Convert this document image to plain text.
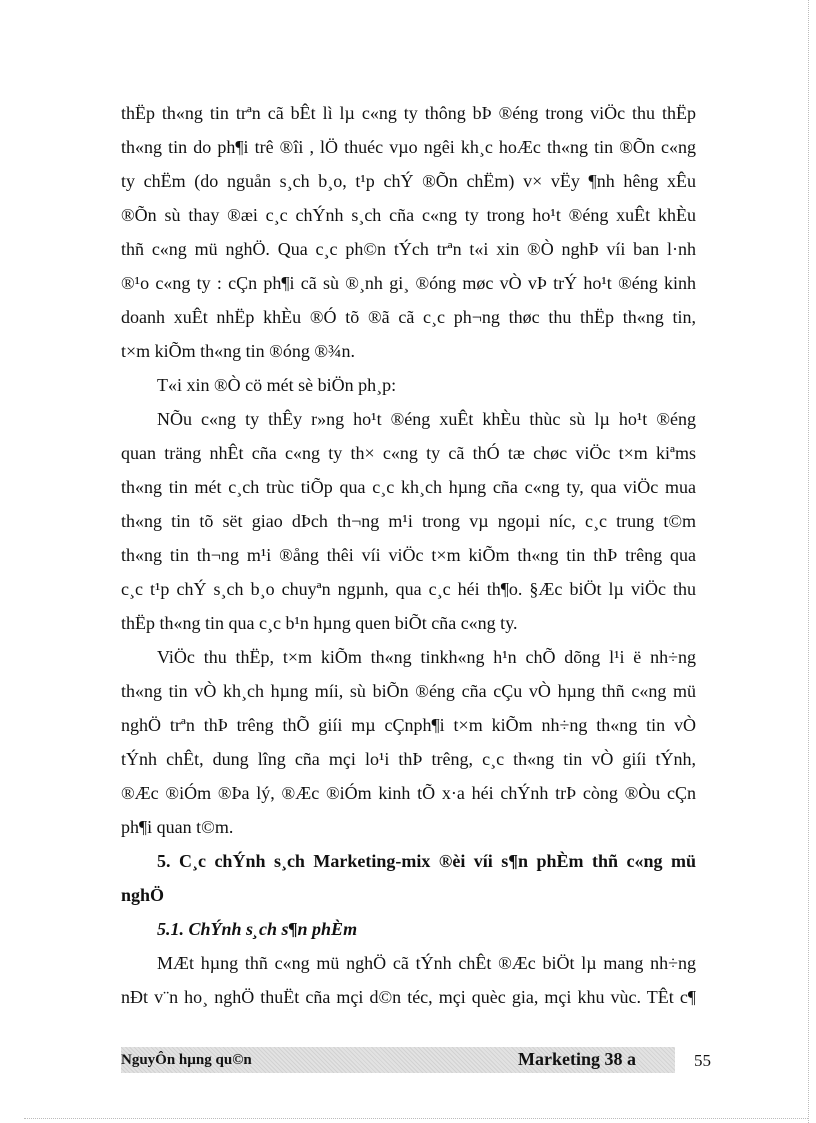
thËp th«ng tin trªn cã bÊt lì lµ c«ng ty thông bÞ ®éng trong viÖc thu thËp
th«ng tin do ph¶i trê ®îi , lÖ thuéc vµo ngêi kh¸c hoÆc th«ng tin ®Õn c«ng
ty chËm (do nguån s¸ch b¸o, t¹p chÝ ®Õn chËm) v× vËy ¶nh hêng xÊu
®Õn sù thay ®æi c¸c chÝnh s¸ch cña c«ng ty trong ho¹t ®éng xuÊt khÈu
thñ c«ng mü nghÖ. Qua c¸c ph©n tÝch trªn t«i xin ®Ò nghÞ víi ban l·nh
®¹o c«ng ty : cÇn ph¶i cã sù ®¸nh gi¸ ®óng møc vÒ vÞ trÝ ho¹t ®éng kinh
doanh xuÊt nhËp khÈu ®Ó tõ ®ã cã c¸c ph¬ng thøc thu thËp th«ng tin,
t×m kiÕm th«ng tin ®óng ®¾n.
T«i xin ®Ò cö mét sè biÖn ph¸p:
NÕu c«ng ty thÊy r»ng ho¹t ®éng xuÊt khÈu thùc sù lµ ho¹t ®éng
quan träng nhÊt cña c«ng ty th× c«ng ty cã thÓ tæ chøc viÖc t×m kiªms
th«ng tin mét c¸ch trùc tiÕp qua c¸c kh¸ch hµng cña c«ng ty, qua viÖc mua
th«ng tin tõ sët giao dÞch th¬ng m¹i trong vµ ngoµi níc, c¸c trung t©m
th«ng tin th¬ng m¹i ®ång thêi víi viÖc t×m kiÕm th«ng tin thÞ trêng qua
c¸c t¹p chÝ s¸ch b¸o chuyªn ngµnh, qua c¸c héi th¶o. §Æc biÖt lµ viÖc thu
thËp th«ng tin qua c¸c b¹n hµng quen biÕt cña c«ng ty.
ViÖc thu thËp, t×m kiÕm th«ng tinkh«ng h¹n chÕ dõng l¹i ë nh÷ng
th«ng tin vÒ kh¸ch hµng míi, sù biÕn ®éng cña cÇu vÒ hµng thñ c«ng mü
nghÖ trªn thÞ trêng thÕ giíi mµ cÇnph¶i t×m kiÕm nh÷ng th«ng tin vÒ
tÝnh chÊt, dung lîng cña mçi lo¹i thÞ trêng, c¸c th«ng tin vÒ giíi tÝnh,
®Æc ®iÓm ®Þa lý, ®Æc ®iÓm kinh tÕ x·a héi chÝnh trÞ còng ®Òu cÇn
ph¶i quan t©m.
5. C¸c chÝnh s¸ch Marketing-mix ®èi víi s¶n phÈm thñ c«ng mü
nghÖ
5.1. ChÝnh s¸ch s¶n phÈm
MÆt hµng thñ c«ng mü nghÖ cã tÝnh chÊt ®Æc biÖt lµ mang nh÷ng
nÐt v¨n ho¸ nghÖ thuËt cña mçi d©n téc, mçi quèc gia, mçi khu vùc. TÊt c¶
NguyÔn hµng qu©n	Marketing 38 a	55
